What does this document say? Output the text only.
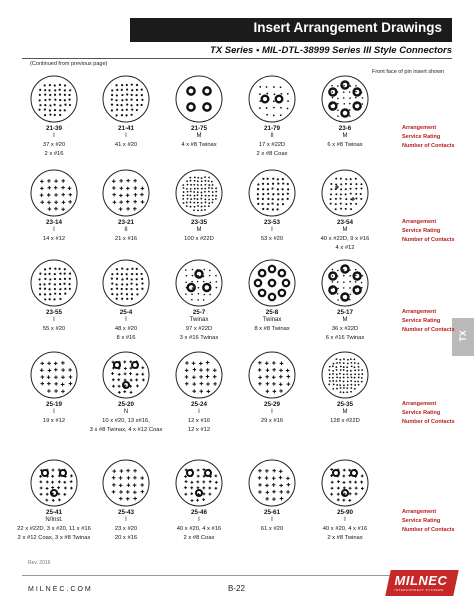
Insert Arrangement Drawings
TX Series • MIL-DTL-38999 Series III Style Connectors
(Continued from previous page)
Front face of pin insert shown
TX
21-39
I
37 x #20
2 x #16
21-41
I
41 x #20
21-75
M
4 x #8 Twinax
21-79
II
17 x #22D
2 x #8 Coax
23-6
M
6 x #8 Twinax
23-14
I
14 x #12
23-21
II
21 x #16
23-35
M
100 x #22D
23-53
I
53 x #20
23-54
M
40 x #22D, 9 x #16
4 x #12
23-55
I
55 x #20
25-4
I
48 x #20
8 x #16
25-7
Twinax
97 x #22D
3 x #16 Twinax
25-8
Twinax
8 x #8 Twinax
25-17
M
36 x #22D
6 x #16 Twinax
25-19
I
19 x #12
25-20
N
10 x #20, 13 x#16,
3 x #8 Twinax, 4 x #12 Coax
25-24
I
12 x #16
12 x #12
25-29
I
29 x #16
25-35
M
128 x #22D
25-41
N/Inst.
22 x #22D, 3 x #20, 11 x #16
2 x #12 Coax, 3 x #8 Twinax
25-43
I
23 x #20
20 x #16
25-46
I
40 x #20, 4 x #16
2 x #8 Coax
25-61
I
61 x #20
25-90
I
40 x #20, 4 x #16
2 x #8 Twinax
Arrangement
Service Rating
Number of Contacts
Arrangement
Service Rating
Number of Contacts
Arrangement
Service Rating
Number of Contacts
Arrangement
Service Rating
Number of Contacts
Arrangement
Service Rating
Number of Contacts
Rev. 2016
MILNEC.COM	B-22
MILNEC
INTERCONNECT SYSTEMS
